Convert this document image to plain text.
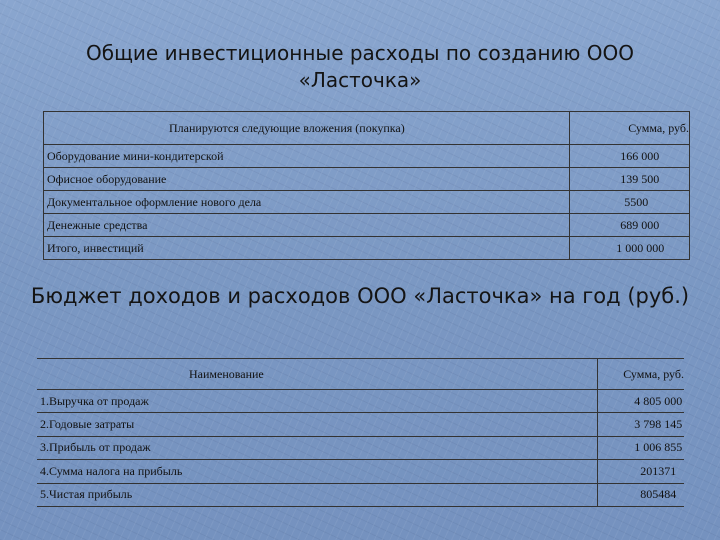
Общие инвестиционные расходы по созданию ООО
«Ласточка»
Планируются следующие вложения (покупка)	Сумма, руб.
Оборудование мини-кондитерской	166 000
Офисное оборудование	139 500
Документальное оформление нового дела	5500
Денежные средства	689 000
Итого, инвестиций	1 000 000
Бюджет доходов и расходов ООО «Ласточка» на год (руб.)
Наименование	Сумма, руб.
1.Выручка от продаж	4 805 000
2.Годовые затраты	3 798 145
3.Прибыль от продаж	1 006 855
4.Сумма налога на прибыль	201371
5.Чистая прибыль	805484
